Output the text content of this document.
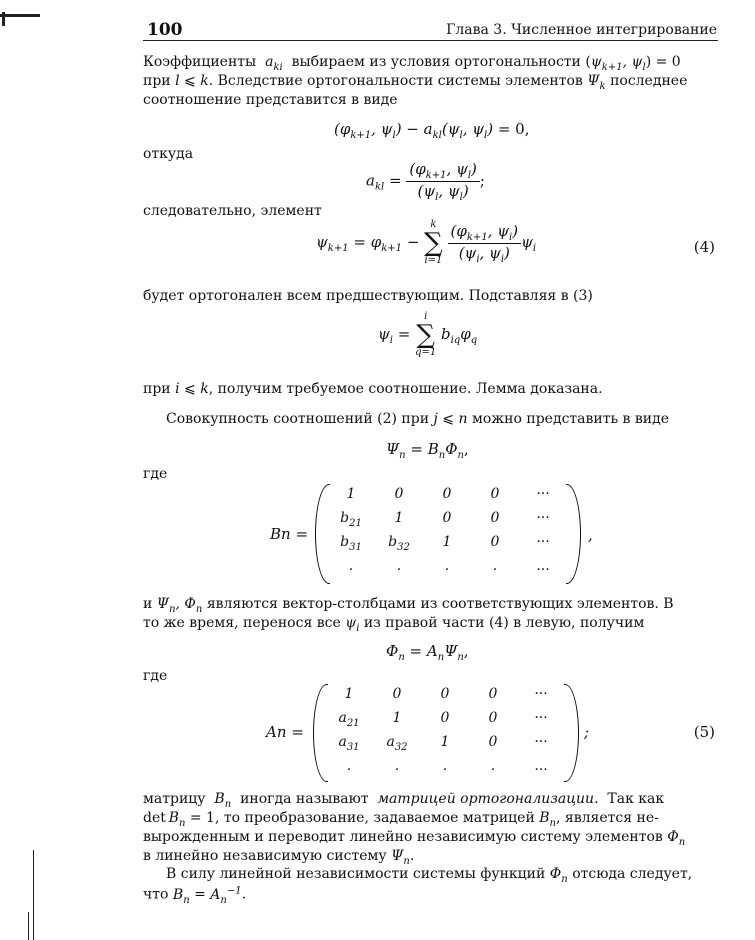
100	Глава 3. Численное интегрирование
Коэффициенты $a_{ki}$ выбираем из условия ортогональности ($\psi_{k+1}$, $\psi_l) = 0$
при l ⩽ k. Вследствие ортогональности системы элементов $\Psi_k$ последнее
соотношение представится в виде
($\varphi_{k+1}$, $\psi_l) - a_{kl}(\psi_l$, $\psi_l) = 0$,
откуда
$a_{kl} = \frac{(\varphi_{k+1}, \psi_l)}{(\psi_l, \psi_l)}$ ;
следовательно, элемент
$\psi_{k+1} = \varphi_{k+1}$ −
k
∑
i=1
$\frac{(\varphi_{k+1}, \psi_i)}{(\psi_i, \psi_i)} \psi_i$	(4)
будет ортогонален всем предшествующим. Подставляя в (3)
$\psi_i$ =
i
∑
q=1
$b_{iq}\varphi_q$
при i ⩽ k, получим требуемое соотношение. Лемма доказана.
Совокупность соотношений (2) при j ⩽ n можно представить в виде
$\Psi_n = B_n\Phi_n$,
где
Bn =
1	0	0	0	···
$b_{21}$	1	0	0	···
$b_{31}$	$b_{32}$	1	0	···
.	.	.	.	...
,
и $\Psi_n$, $\Phi_n$ являются вектор-столбцами из соответствующих элементов. В
то же время, перенося все $\psi_i$ из правой части (4) в левую, получим
$\Phi_n = A_n\Psi_n$,
где
An =
1	0	0	0	···
$a_{21}$	1	0	0	···
$a_{31}$	$a_{32}$	1	0	···
.	.	.	.	...
;	(5)
матрицу $B_n$ иногда называют матрицей ортогонализации. Так как
$\det B_n = 1$, то преобразование, задаваемое матрицей $B_n$, является не-
вырожденным и переводит линейно независимую систему элементов $\Phi_n$
в линейно независимую систему $\Psi_n$.
В силу линейной независимости системы функций $\Phi_n$ отсюда следует,
что $B_n = A_n^{-1}$.
